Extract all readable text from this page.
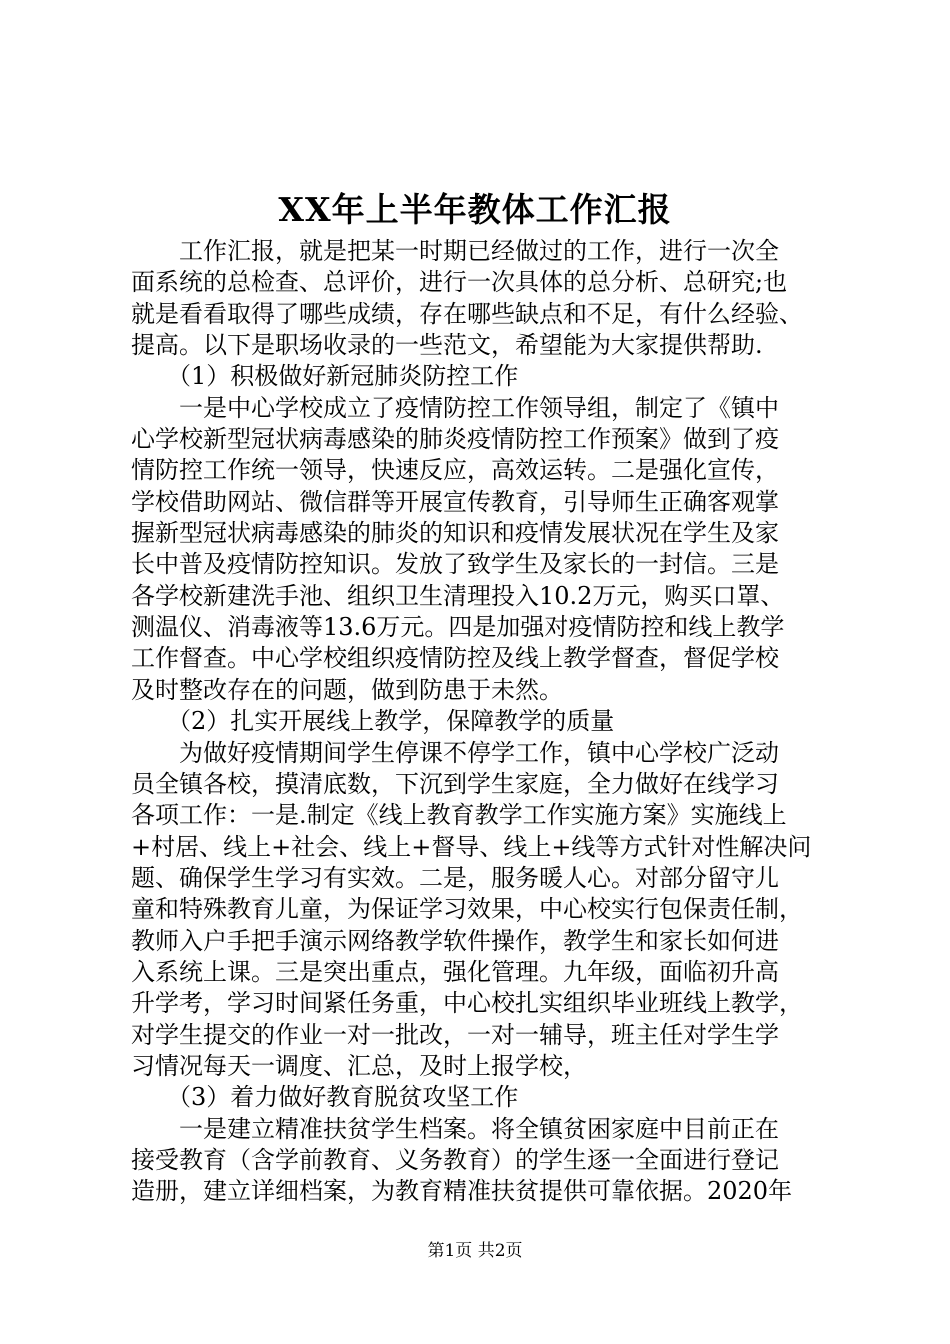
XX年上半年教体工作汇报
　　工作汇报，就是把某一时期已经做过的工作，进行一次全
面系统的总检查、总评价，进行一次具体的总分析、总研究;也
就是看看取得了哪些成绩，存在哪些缺点和不足，有什么经验、
提高。以下是职场收录的一些范文，希望能为大家提供帮助.
　　（1）积极做好新冠肺炎防控工作
　　一是中心学校成立了疫情防控工作领导组，制定了《镇中
心学校新型冠状病毒感染的肺炎疫情防控工作预案》做到了疫
情防控工作统一领导，快速反应，高效运转。二是强化宣传，
学校借助网站、微信群等开展宣传教育，引导师生正确客观掌
握新型冠状病毒感染的肺炎的知识和疫情发展状况在学生及家
长中普及疫情防控知识。发放了致学生及家长的一封信。三是
各学校新建洗手池、组织卫生清理投入10.2万元，购买口罩、
测温仪、消毒液等13.6万元。四是加强对疫情防控和线上教学
工作督查。中心学校组织疫情防控及线上教学督查，督促学校
及时整改存在的问题，做到防患于未然。
　　（2）扎实开展线上教学，保障教学的质量
　　为做好疫情期间学生停课不停学工作，镇中心学校广泛动
员全镇各校，摸清底数，下沉到学生家庭，全力做好在线学习
各项工作：一是.制定《线上教育教学工作实施方案》实施线上
+村居、线上+社会、线上+督导、线上+线等方式针对性解决问
题、确保学生学习有实效。二是，服务暖人心。对部分留守儿
童和特殊教育儿童，为保证学习效果，中心校实行包保责任制，
教师入户手把手演示网络教学软件操作，教学生和家长如何进
入系统上课。三是突出重点，强化管理。九年级，面临初升高
升学考，学习时间紧任务重，中心校扎实组织毕业班线上教学，
对学生提交的作业一对一批改，一对一辅导，班主任对学生学
习情况每天一调度、汇总，及时上报学校，
　　（3）着力做好教育脱贫攻坚工作
　　一是建立精准扶贫学生档案。将全镇贫困家庭中目前正在
接受教育（含学前教育、义务教育）的学生逐一全面进行登记
造册，建立详细档案，为教育精准扶贫提供可靠依据。2020年
第1页 共2页
